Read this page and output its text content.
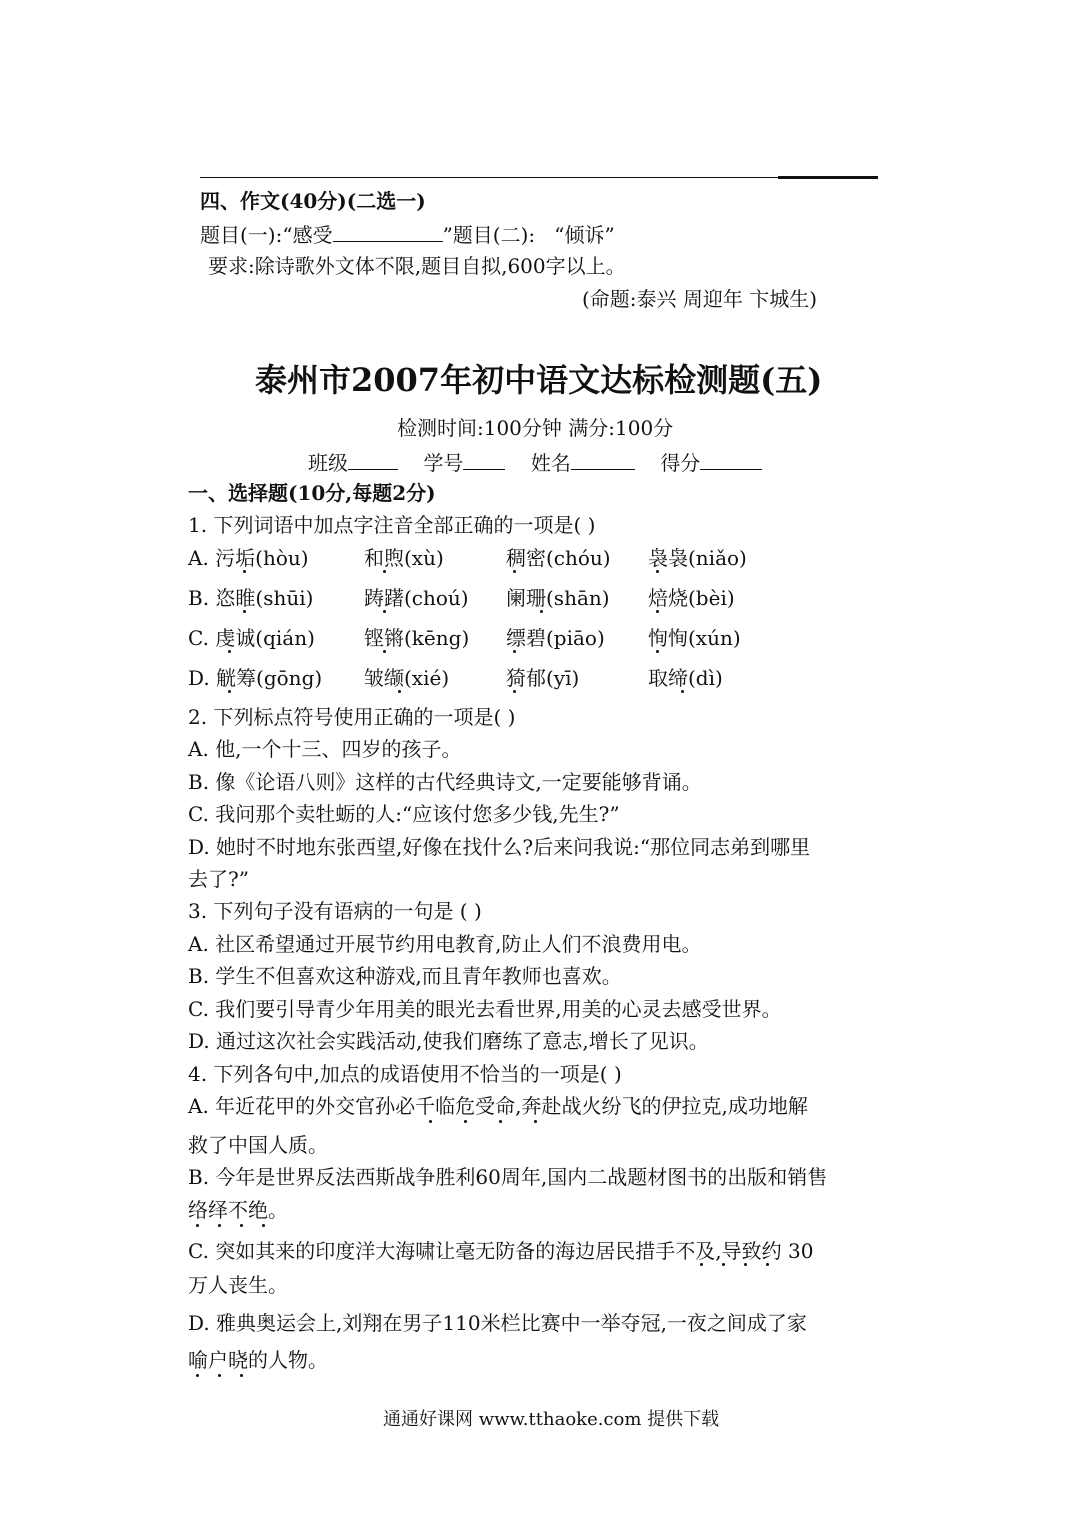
四、作文(40分)(二选一)
题目(一):“感受	”题目(二): “倾诉”
要求:除诗歌外文体不限,题目自拟,600字以上。
(命题:泰兴 周迎年 卞城生)
泰州市2007年初中语文达标检测题(五)
检测时间:100分钟 满分:100分
班级	学号	姓名	得分
一、选择题(10分,每题2分)
1. 下列词语中加点字注音全部正确的一项是( )
A. 污垢(hòu)	和煦(xù)	稠密(chóu) 袅袅(niǎo)
B. 恣睢(shūi)	踌躇(choú) 阑珊(shān) 焙烧(bèi)
C. 虔诚(qián) 铿锵(kēng) 缥碧(piāo) 恂恂(xún)
D. 觥筹(gōng) 皱缬(xié)	猗郁(yī)	取缔(dì)
2. 下列标点符号使用正确的一项是( )
A. 他,一个十三、四岁的孩子。
B. 像《论语八则》这样的古代经典诗文,一定要能够背诵。
C. 我问那个卖牡蛎的人:“应该付您多少钱,先生?”
D. 她时不时地东张西望,好像在找什么?后来问我说:“那位同志弟到哪里
去了?”
3. 下列句子没有语病的一句是 ( )
A. 社区希望通过开展节约用电教育,防止人们不浪费用电。
B. 学生不但喜欢这种游戏,而且青年教师也喜欢。
C. 我们要引导青少年用美的眼光去看世界,用美的心灵去感受世界。
D. 通过这次社会实践活动,使我们磨练了意志,增长了见识。
4. 下列各句中,加点的成语使用不恰当的一项是( )
A. 年近花甲的外交官孙必千临危受命,奔赴战火纷飞的伊拉克,成功地解
救了中国人质。
B. 今年是世界反法西斯战争胜利60周年,国内二战题材图书的出版和销售
络绎不绝。
C. 突如其来的印度洋大海啸让毫无防备的海边居民措手不及,导致约 30
万人丧生。
D. 雅典奥运会上,刘翔在男子110米栏比赛中一举夺冠,一夜之间成了家
喻户晓的人物。
通通好课网 www.tthaoke.com 提供下载
